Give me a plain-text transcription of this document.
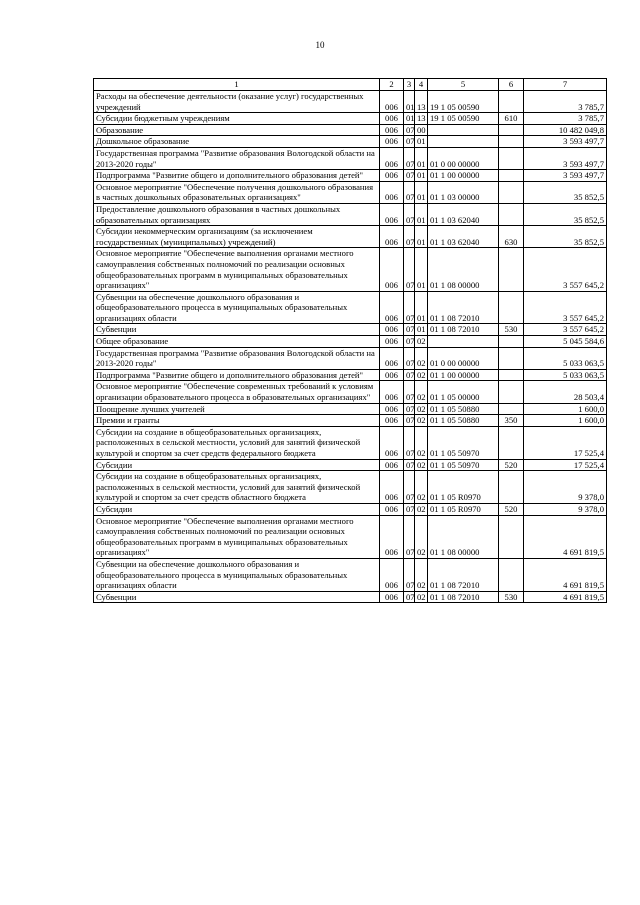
10
1	2	3	4	5	6	7
Расходы на обеспечение деятельности (оказание услуг) государственных учреждений	006	01	13	19 1 05 00590		3 785,7
Субсидии бюджетным учреждениям	006	01	13	19 1 05 00590	610	3 785,7
Образование	006	07	00			10 482 049,8
Дошкольное образование	006	07	01			3 593 497,7
Государственная программа "Развитие образования Вологодской области на 2013-2020 годы"	006	07	01	01 0 00 00000		3 593 497,7
Подпрограмма "Развитие общего и дополнительного образования детей"	006	07	01	01 1 00 00000		3 593 497,7
Основное мероприятие "Обеспечение получения дошкольного образования в частных дошкольных образовательных организациях"	006	07	01	01 1 03 00000		35 852,5
Предоставление дошкольного образования в частных дошкольных образовательных организациях	006	07	01	01 1 03 62040		35 852,5
Субсидии некоммерческим организациям (за исключением государственных (муниципальных) учреждений)	006	07	01	01 1 03 62040	630	35 852,5
Основное мероприятие "Обеспечение выполнения органами местного самоуправления собственных полномочий по реализации основных общеобразовательных программ в муниципальных образовательных организациях"	006	07	01	01 1 08 00000		3 557 645,2
Субвенции на обеспечение дошкольного образования и общеобразовательного процесса в муниципальных образовательных организациях области	006	07	01	01 1 08 72010		3 557 645,2
Субвенции	006	07	01	01 1 08 72010	530	3 557 645,2
Общее образование	006	07	02			5 045 584,6
Государственная программа "Развитие образования Вологодской области на 2013-2020 годы"	006	07	02	01 0 00 00000		5 033 063,5
Подпрограмма "Развитие общего и дополнительного образования детей"	006	07	02	01 1 00 00000		5 033 063,5
Основное мероприятие "Обеспечение современных требований к условиям организации образовательного процесса в образовательных организациях"	006	07	02	01 1 05 00000		28 503,4
Поощрение лучших учителей	006	07	02	01 1 05 50880		1 600,0
Премии и гранты	006	07	02	01 1 05 50880	350	1 600,0
Субсидии на создание в общеобразовательных организациях, расположенных в сельской местности, условий для занятий физической культурой и спортом за счет средств федерального бюджета	006	07	02	01 1 05 50970		17 525,4
Субсидии	006	07	02	01 1 05 50970	520	17 525,4
Субсидии на создание в общеобразовательных организациях, расположенных в сельской местности, условий для занятий физической культурой и спортом за счет средств областного бюджета	006	07	02	01 1 05 R0970		9 378,0
Субсидии	006	07	02	01 1 05 R0970	520	9 378,0
Основное мероприятие "Обеспечение выполнения органами местного самоуправления собственных полномочий по реализации основных общеобразовательных программ в муниципальных образовательных организациях"	006	07	02	01 1 08 00000		4 691 819,5
Субвенции на обеспечение дошкольного образования и общеобразовательного процесса в муниципальных образовательных организациях области	006	07	02	01 1 08 72010		4 691 819,5
Субвенции	006	07	02	01 1 08 72010	530	4 691 819,5
